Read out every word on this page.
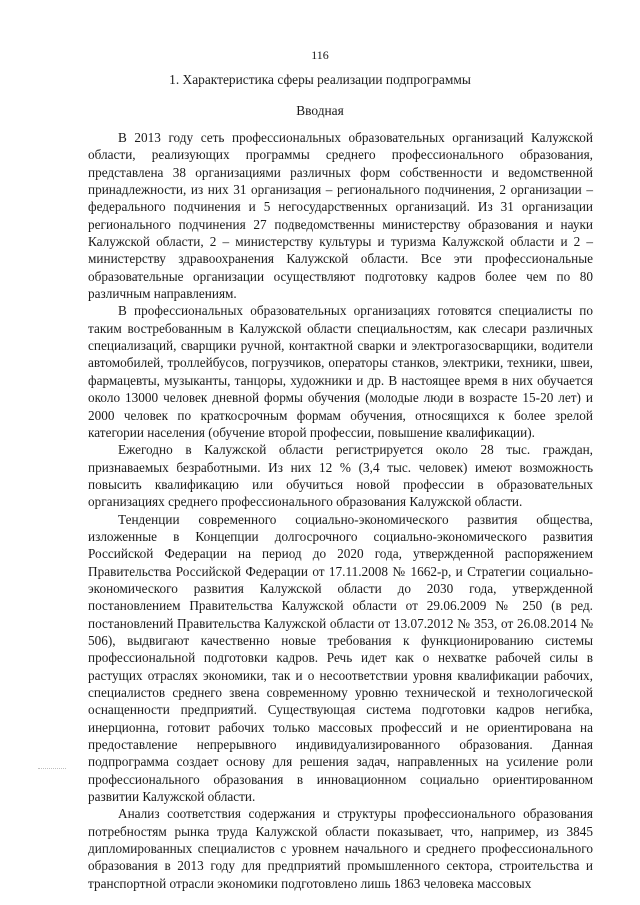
116
1. Характеристика сферы реализации подпрограммы
Вводная

В 2013 году сеть профессиональных образовательных организаций Калужской области, реализующих программы среднего профессионального образования, представлена 38 организациями различных форм собственности и ведомственной принадлежности, из них 31 организация – регионального подчинения, 2 организации – федерального подчинения и 5 негосударственных организаций. Из 31 организации регионального подчинения 27 подведомственны министерству образования и науки Калужской области, 2 – министерству культуры и туризма Калужской области и 2 – министерству здравоохранения Калужской области. Все эти профессиональные образовательные организации осуществляют подготовку кадров более чем по 80 различным направлениям.

В профессиональных образовательных организациях готовятся специалисты по таким востребованным в Калужской области специальностям, как слесари различных специализаций, сварщики ручной, контактной сварки и электрогазосварщики, водители автомобилей, троллейбусов, погрузчиков, операторы станков, электрики, техники, швеи, фармацевты, музыканты, танцоры, художники и др. В настоящее время в них обучается около 13000 человек дневной формы обучения (молодые люди в возрасте 15-20 лет) и 2000 человек по краткосрочным формам обучения, относящихся к более зрелой категории населения (обучение второй профессии, повышение квалификации).

Ежегодно в Калужской области регистрируется около 28 тыс. граждан, признаваемых безработными. Из них 12 % (3,4 тыс. человек) имеют возможность повысить квалификацию или обучиться новой профессии в образовательных организациях среднего профессионального образования Калужской области.

Тенденции современного социально-экономического развития общества, изложенные в Концепции долгосрочного социально-экономического развития Российской Федерации на период до 2020 года, утвержденной распоряжением Правительства Российской Федерации от 17.11.2008 № 1662-р, и Стратегии социально-экономического развития Калужской области до 2030 года, утвержденной постановлением Правительства Калужской области от 29.06.2009 № 250 (в ред. постановлений Правительства Калужской области от 13.07.2012 № 353, от 26.08.2014 № 506), выдвигают качественно новые требования к функционированию системы профессиональной подготовки кадров. Речь идет как о нехватке рабочей силы в растущих отраслях экономики, так и о несоответствии уровня квалификации рабочих, специалистов среднего звена современному уровню технической и технологической оснащенности предприятий. Существующая система подготовки кадров негибка, инерционна, готовит рабочих только массовых профессий и не ориентирована на предоставление непрерывного индивидуализированного образования. Данная подпрограмма создает основу для решения задач, направленных на усиление роли профессионального образования в инновационном социально ориентированном развитии Калужской области.

Анализ соответствия содержания и структуры профессионального образования потребностям рынка труда Калужской области показывает, что, например, из 3845 дипломированных специалистов с уровнем начального и среднего профессионального образования в 2013 году для предприятий промышленного сектора, строительства и транспортной отрасли экономики подготовлено лишь 1863 человека массовых
